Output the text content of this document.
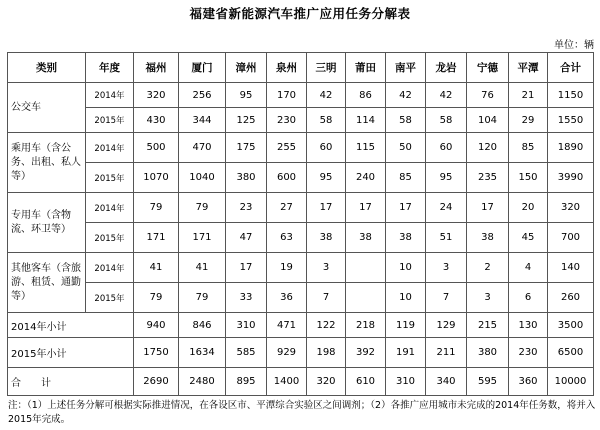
福建省新能源汽车推广应用任务分解表
单位：辆
类别	年度	福州	厦门	漳州	泉州	三明	莆田	南平	龙岩	宁德	平潭	合计
公交车	2014年	320	256	95	170	42	86	42	42	76	21	1150
	2015年	430	344	125	230	58	114	58	58	104	29	1550
乘用车（含公务、出租、私人等）	2014年	500	470	175	255	60	115	50	60	120	85	1890
	2015年	1070	1040	380	600	95	240	85	95	235	150	3990
专用车（含物流、环卫等）	2014年	79	79	23	27	17	17	17	24	17	20	320
	2015年	171	171	47	63	38	38	38	51	38	45	700
其他客车（含旅游、租赁、通勤等）	2014年	41	41	17	19	3		10	3	2	4	140
	2015年	79	79	33	36	7		10	7	3	6	260
2014年小计		940	846	310	471	122	218	119	129	215	130	3500
2015年小计		1750	1634	585	929	198	392	191	211	380	230	6500
合　　计		2690	2480	895	1400	320	610	310	340	595	360	10000
注：（1）上述任务分解可根据实际推进情况，在各设区市、平潭综合实验区之间调剂；（2）各推广应用城市未完成的2014年任务数，将并入2015年完成。
